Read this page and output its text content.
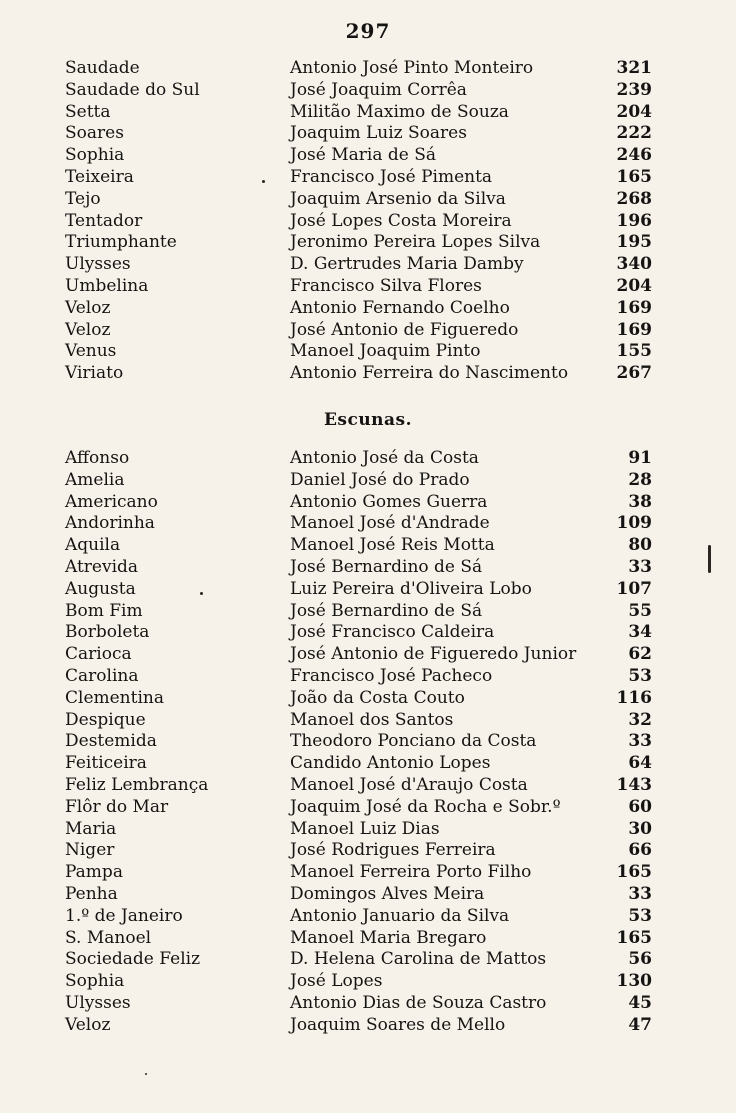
297
Saudade	Antonio José Pinto Monteiro	321
Saudade do Sul	José Joaquim Corrêa	239
Setta	Militão Maximo de Souza	204
Soares	Joaquim Luiz Soares	222
Sophia	José Maria de Sá	246
Teixeira	Francisco José Pimenta	165
Tejo	Joaquim Arsenio da Silva	268
Tentador	José Lopes Costa Moreira	196
Triumphante	Jeronimo Pereira Lopes Silva	195
Ulysses	D. Gertrudes Maria Damby	340
Umbelina	Francisco Silva Flores	204
Veloz	Antonio Fernando Coelho	169
Veloz	José Antonio de Figueredo	169
Venus	Manoel Joaquim Pinto	155
Viriato	Antonio Ferreira do Nascimento	267
Escunas.
Affonso	Antonio José da Costa	91
Amelia	Daniel José do Prado	28
Americano	Antonio Gomes Guerra	38
Andorinha	Manoel José d'Andrade	109
Aquila	Manoel José Reis Motta	80
Atrevida	José Bernardino de Sá	33
Augusta	Luiz Pereira d'Oliveira Lobo	107
Bom Fim	José Bernardino de Sá	55
Borboleta	José Francisco Caldeira	34
Carioca	José Antonio de Figueredo Junior	62
Carolina	Francisco José Pacheco	53
Clementina	João da Costa Couto	116
Despique	Manoel dos Santos	32
Destemida	Theodoro Ponciano da Costa	33
Feiticeira	Candido Antonio Lopes	64
Feliz Lembrança	Manoel José d'Araujo Costa	143
Flôr do Mar	Joaquim José da Rocha e Sobr.º	60
Maria	Manoel Luiz Dias	30
Niger	José Rodrigues Ferreira	66
Pampa	Manoel Ferreira Porto Filho	165
Penha	Domingos Alves Meira	33
1.º de Janeiro	Antonio Januario da Silva	53
S. Manoel	Manoel Maria Bregaro	165
Sociedade Feliz	D. Helena Carolina de Mattos	56
Sophia	José Lopes	130
Ulysses	Antonio Dias de Souza Castro	45
Veloz	Joaquim Soares de Mello	47
